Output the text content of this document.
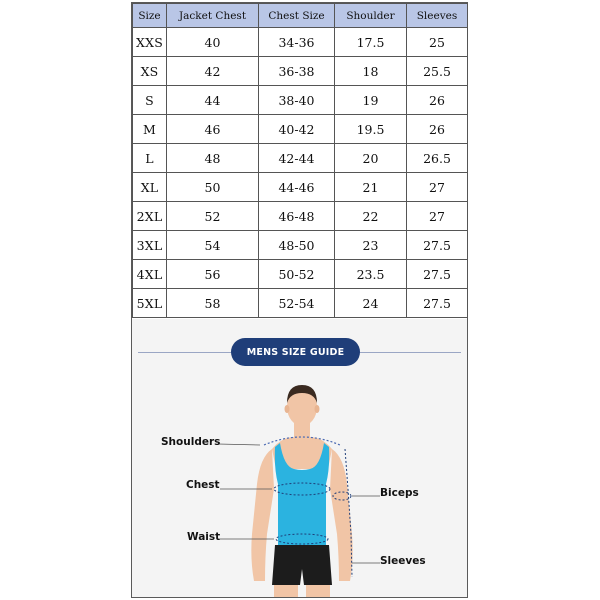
Size	Jacket Chest	Chest Size	Shoulder	Sleeves
XXS	40	34-36	17.5	25
XS	42	36-38	18	25.5
S	44	38-40	19	26
M	46	40-42	19.5	26
L	48	42-44	20	26.5
XL	50	44-46	21	27
2XL	52	46-48	22	27
3XL	54	48-50	23	27.5
4XL	56	50-52	23.5	27.5
5XL	58	52-54	24	27.5
MENS SIZE GUIDE
Shoulders
Chest
Waist
Biceps
Sleeves
